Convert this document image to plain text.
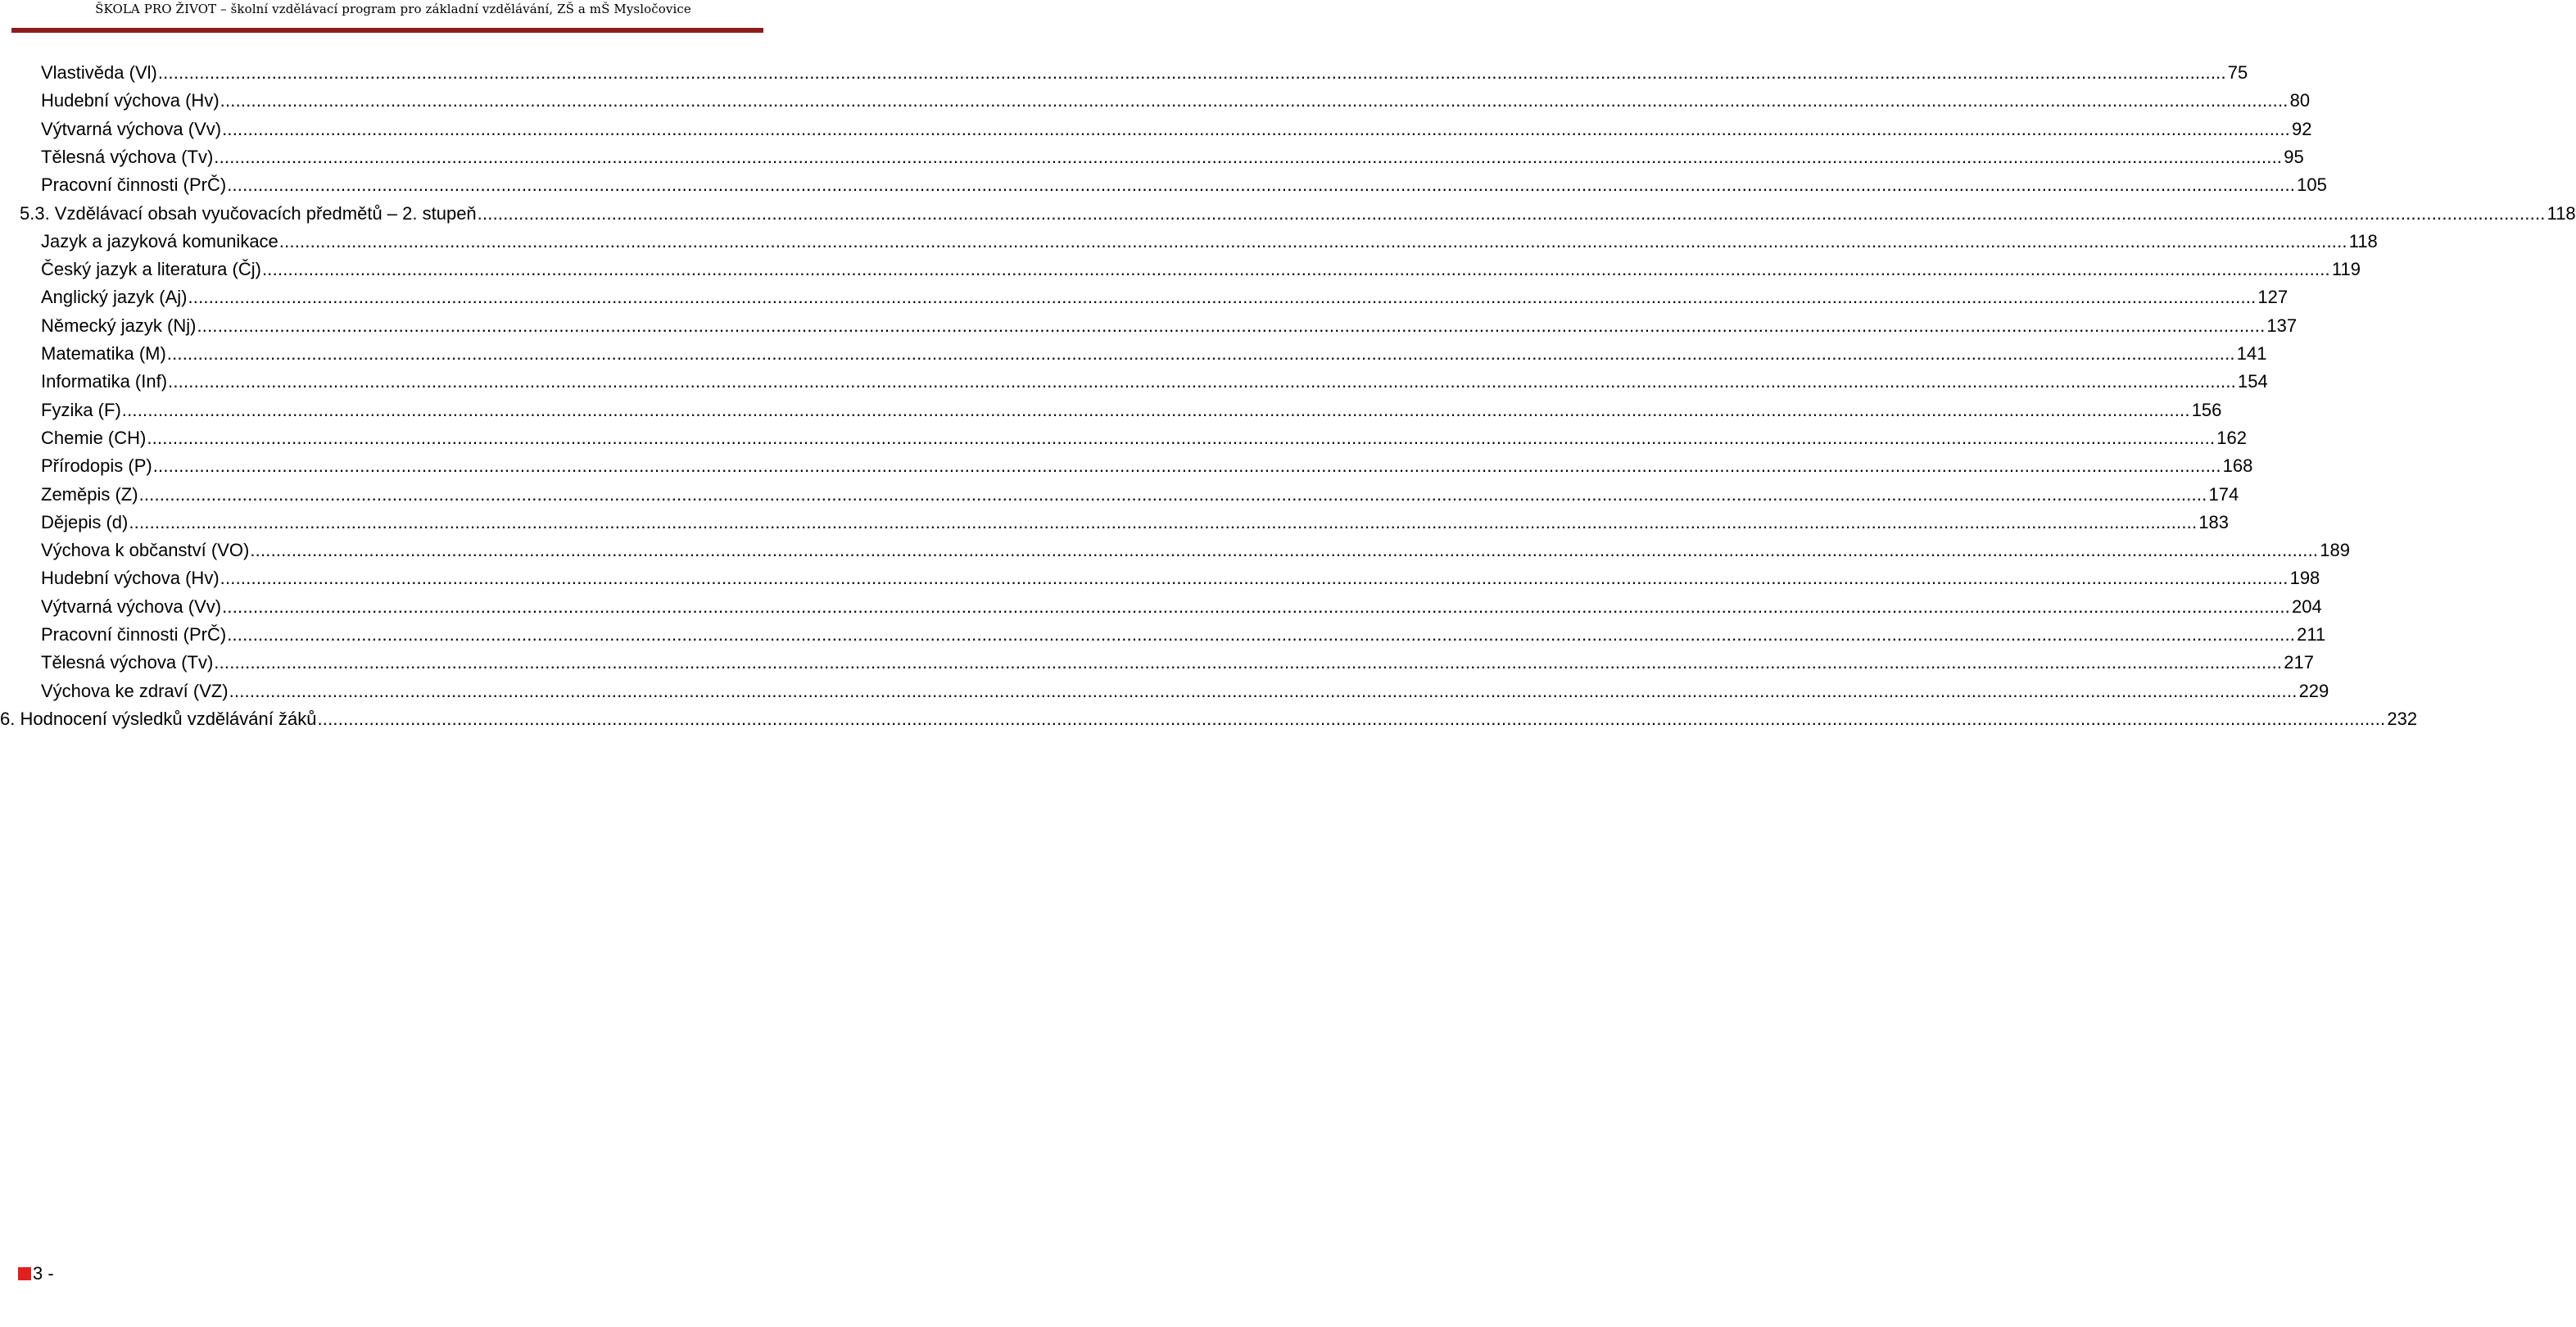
ŠKOLA PRO ŽIVOT – školní vzdělávací program pro základní vzdělávání, ZŠ a mŠ Mysločovice
Vlastivěda (Vl) ................................................................................................................................................................................................................................................................................................................................................................................................................ 75
Hudební výchova (Hv) ................................................................................................................................................................................................................................................................................................................................................................................................................ 80
Výtvarná výchova (Vv) ................................................................................................................................................................................................................................................................................................................................................................................................................ 92
Tělesná výchova (Tv) ................................................................................................................................................................................................................................................................................................................................................................................................................ 95
Pracovní činnosti (PrČ) ................................................................................................................................................................................................................................................................................................................................................................................................................ 105
5.3. Vzdělávací obsah vyučovacích předmětů – 2. stupeň ................................................................................................................................................................................................................................................................................................................................................................................................................ 118
Jazyk a jazyková komunikace ................................................................................................................................................................................................................................................................................................................................................................................................................ 118
Český jazyk a literatura (Čj) ................................................................................................................................................................................................................................................................................................................................................................................................................ 119
Anglický jazyk (Aj) ................................................................................................................................................................................................................................................................................................................................................................................................................ 127
Německý jazyk (Nj) ................................................................................................................................................................................................................................................................................................................................................................................................................ 137
Matematika (M) ................................................................................................................................................................................................................................................................................................................................................................................................................ 141
Informatika (Inf) ................................................................................................................................................................................................................................................................................................................................................................................................................ 154
Fyzika (F) ................................................................................................................................................................................................................................................................................................................................................................................................................ 156
Chemie (CH) ................................................................................................................................................................................................................................................................................................................................................................................................................ 162
Přírodopis (P) ................................................................................................................................................................................................................................................................................................................................................................................................................ 168
Zeměpis (Z) ................................................................................................................................................................................................................................................................................................................................................................................................................ 174
Dějepis (d) ................................................................................................................................................................................................................................................................................................................................................................................................................ 183
Výchova k občanství (VO) ................................................................................................................................................................................................................................................................................................................................................................................................................ 189
Hudební výchova (Hv) ................................................................................................................................................................................................................................................................................................................................................................................................................ 198
Výtvarná výchova (Vv) ................................................................................................................................................................................................................................................................................................................................................................................................................ 204
Pracovní činnosti (PrČ) ................................................................................................................................................................................................................................................................................................................................................................................................................ 211
Tělesná výchova (Tv) ................................................................................................................................................................................................................................................................................................................................................................................................................ 217
Výchova ke zdraví (VZ) ................................................................................................................................................................................................................................................................................................................................................................................................................ 229
6. Hodnocení výsledků vzdělávání žáků ................................................................................................................................................................................................................................................................................................................................................................................................................ 232
3 -
